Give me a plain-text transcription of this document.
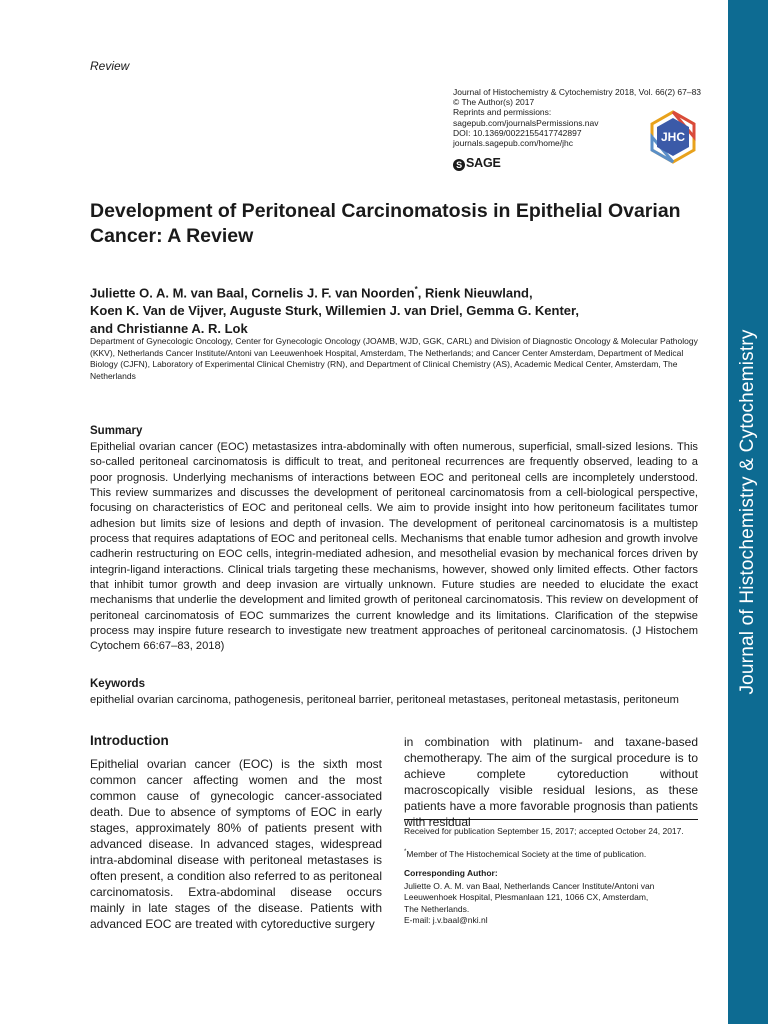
Journal of Histochemistry & Cytochemistry
Review
Journal of Histochemistry & Cytochemistry 2018, Vol. 66(2) 67–83
© The Author(s) 2017
Reprints and permissions:
sagepub.com/journalsPermissions.nav
DOI: 10.1369/0022155417742897
journals.sagepub.com/home/jhc
S SAGE
JHC
Development of Peritoneal Carcinomatosis in Epithelial Ovarian Cancer: A Review
Juliette O. A. M. van Baal, Cornelis J. F. van Noorden*, Rienk Nieuwland,
Koen K. Van de Vijver, Auguste Sturk, Willemien J. van Driel, Gemma G. Kenter,
and Christianne A. R. Lok
Department of Gynecologic Oncology, Center for Gynecologic Oncology (JOAMB, WJD, GGK, CARL) and Division of Diagnostic Oncology & Molecular Pathology (KKV), Netherlands Cancer Institute/Antoni van Leeuwenhoek Hospital, Amsterdam, The Netherlands; and Cancer Center Amsterdam, Department of Medical Biology (CJFN), Laboratory of Experimental Clinical Chemistry (RN), and Department of Clinical Chemistry (AS), Academic Medical Center, Amsterdam, The Netherlands
Summary
Epithelial ovarian cancer (EOC) metastasizes intra-abdominally with often numerous, superficial, small-sized lesions. This so-called peritoneal carcinomatosis is difficult to treat, and peritoneal recurrences are frequently observed, leading to a poor prognosis. Underlying mechanisms of interactions between EOC and peritoneal cells are incompletely understood. This review summarizes and discusses the development of peritoneal carcinomatosis from a cell-biological perspective, focusing on characteristics of EOC and peritoneal cells. We aim to provide insight into how peritoneum facilitates tumor adhesion but limits size of lesions and depth of invasion. The development of peritoneal carcinomatosis is a multistep process that requires adaptations of EOC and peritoneal cells. Mechanisms that enable tumor adhesion and growth involve cadherin restructuring on EOC cells, integrin-mediated adhesion, and mesothelial evasion by mechanical forces driven by integrin-ligand interactions. Clinical trials targeting these mechanisms, however, showed only limited effects. Other factors that inhibit tumor growth and deep invasion are virtually unknown. Future studies are needed to elucidate the exact mechanisms that underlie the development and limited growth of peritoneal carcinomatosis. This review on development of peritoneal carcinomatosis of EOC summarizes the current knowledge and its limitations. Clarification of the stepwise process may inspire future research to investigate new treatment approaches of peritoneal carcinomatosis. (J Histochem Cytochem 66:67–83, 2018)
Keywords
epithelial ovarian carcinoma, pathogenesis, peritoneal barrier, peritoneal metastases, peritoneal metastasis, peritoneum
Introduction
Epithelial ovarian cancer (EOC) is the sixth most common cancer affecting women and the most common cause of gynecologic cancer-associated death. Due to absence of symptoms of EOC in early stages, approximately 80% of patients present with advanced disease. In advanced stages, widespread intra-abdominal disease with peritoneal metastases is often present, a condition also referred to as peritoneal carcinomatosis. Extra-abdominal disease occurs mainly in late stages of the disease. Patients with advanced EOC are treated with cytoreductive surgery
in combination with platinum- and taxane-based chemotherapy. The aim of the surgical procedure is to achieve complete cytoreduction without macroscopically visible residual lesions, as these patients have a more favorable prognosis than patients with residual
Received for publication September 15, 2017; accepted October 24, 2017.
*Member of The Histochemical Society at the time of publication.
Corresponding Author:
Juliette O. A. M. van Baal, Netherlands Cancer Institute/Antoni van
Leeuwenhoek Hospital, Plesmanlaan 121, 1066 CX, Amsterdam,
The Netherlands.
E-mail: j.v.baal@nki.nl
